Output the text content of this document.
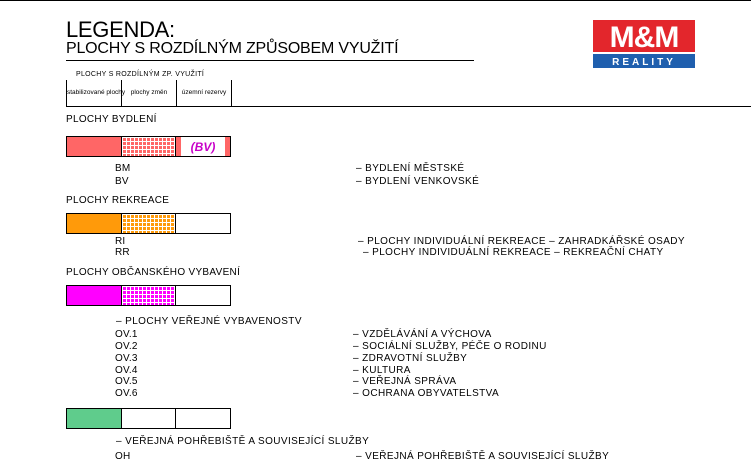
LEGENDA:
PLOCHY S ROZDÍLNÝM ZPŮSOBEM VYUŽITÍ	M&M
REALITY
PLOCHY S ROZDÍLNÝM ZP. VYUŽITÍ
stabilizované plochy plochy změn	územní rezervy
PLOCHY BYDLENÍ
(BV)
BM	– BYDLENÍ MĚSTSKÉ
BV	– BYDLENÍ VENKOVSKÉ
PLOCHY REKREACE
RI	– PLOCHY INDIVIDUÁLNÍ REKREACE – ZAHRADKÁŘSKÉ OSADY
RR	– PLOCHY INDIVIDUÁLNÍ REKREACE – REKREAČNÍ CHATY
PLOCHY OBČANSKÉHO VYBAVENÍ
– PLOCHY VEŘEJNÉ VYBAVENOSTV
OV.1	– VZDĚLÁVÁNÍ A VÝCHOVA
OV.2	– SOCIÁLNÍ SLUŽBY, PÉČE O RODINU
OV.3	– ZDRAVOTNÍ SLUŽBY
OV.4	– KULTURA
OV.5	– VEŘEJNÁ SPRÁVA
OV.6	– OCHRANA OBYVATELSTVA
– VEŘEJNÁ POHŘEBIŠTĚ A SOUVISEJÍCÍ SLUŽBY
OH	– VEŘEJNÁ POHŘEBIŠTĚ A SOUVISEJÍCÍ SLUŽBY
